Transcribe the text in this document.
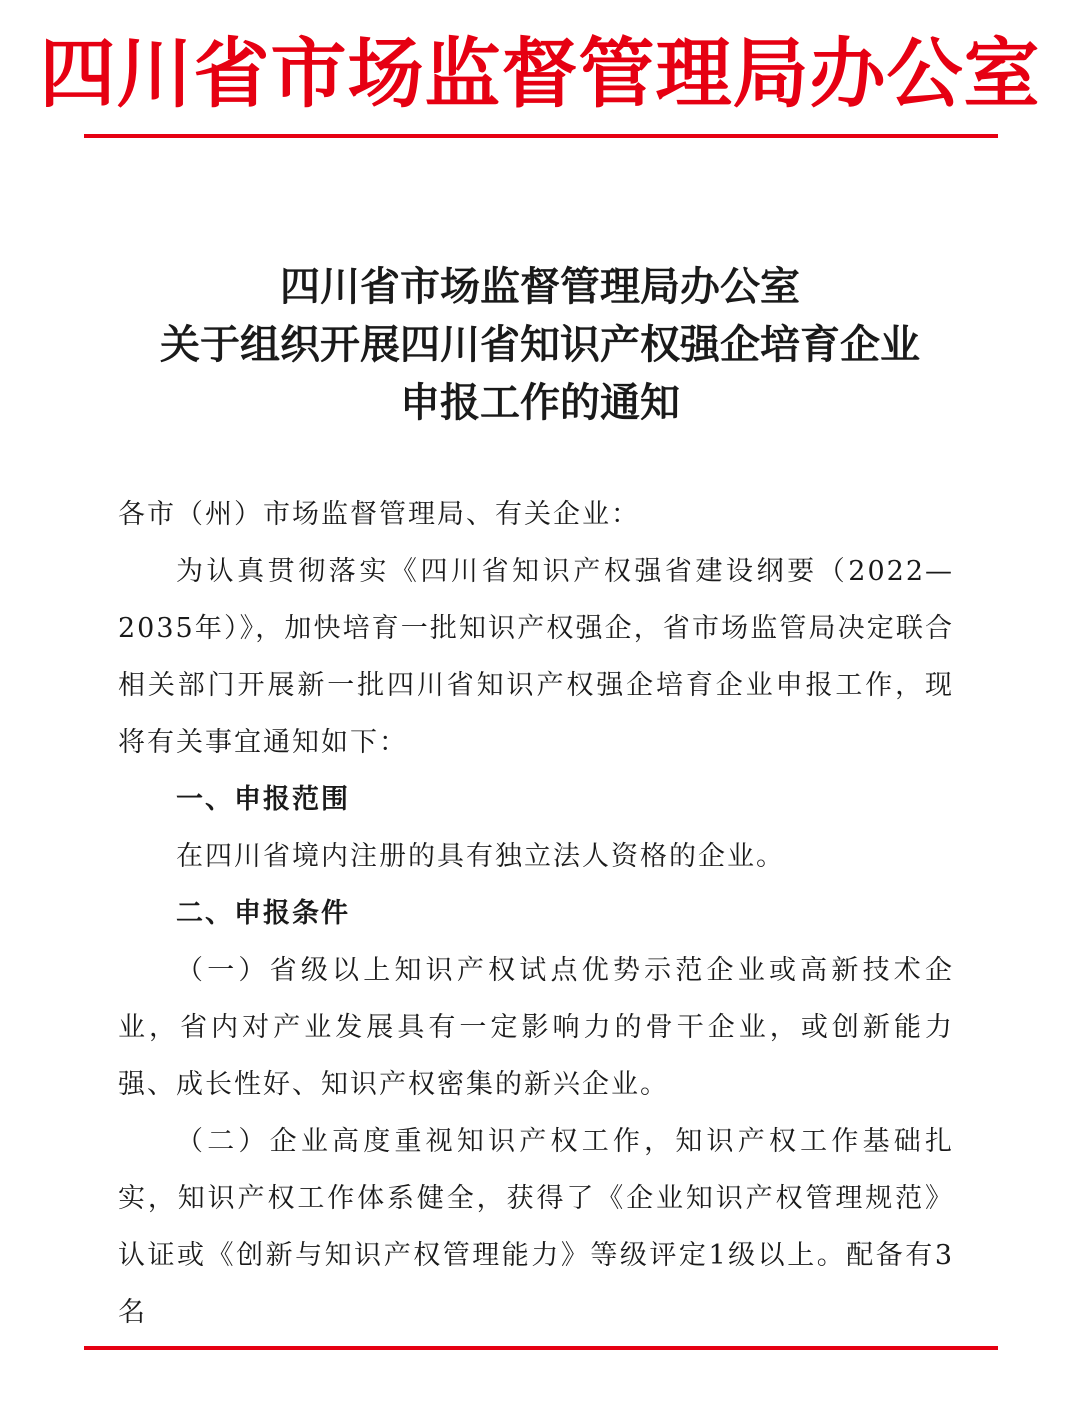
四川省市场监督管理局办公室
四川省市场监督管理局办公室
关于组织开展四川省知识产权强企培育企业
申报工作的通知

各市（州）市场监督管理局、有关企业：

为认真贯彻落实《四川省知识产权强省建设纲要（2022—2035年）》，加快培育一批知识产权强企，省市场监管局决定联合相关部门开展新一批四川省知识产权强企培育企业申报工作，现将有关事宜通知如下：

一、申报范围

在四川省境内注册的具有独立法人资格的企业。

二、申报条件

（一）省级以上知识产权试点优势示范企业或高新技术企业，省内对产业发展具有一定影响力的骨干企业，或创新能力强、成长性好、知识产权密集的新兴企业。

（二）企业高度重视知识产权工作，知识产权工作基础扎实，知识产权工作体系健全，获得了《企业知识产权管理规范》认证或《创新与知识产权管理能力》等级评定1级以上。配备有3名
